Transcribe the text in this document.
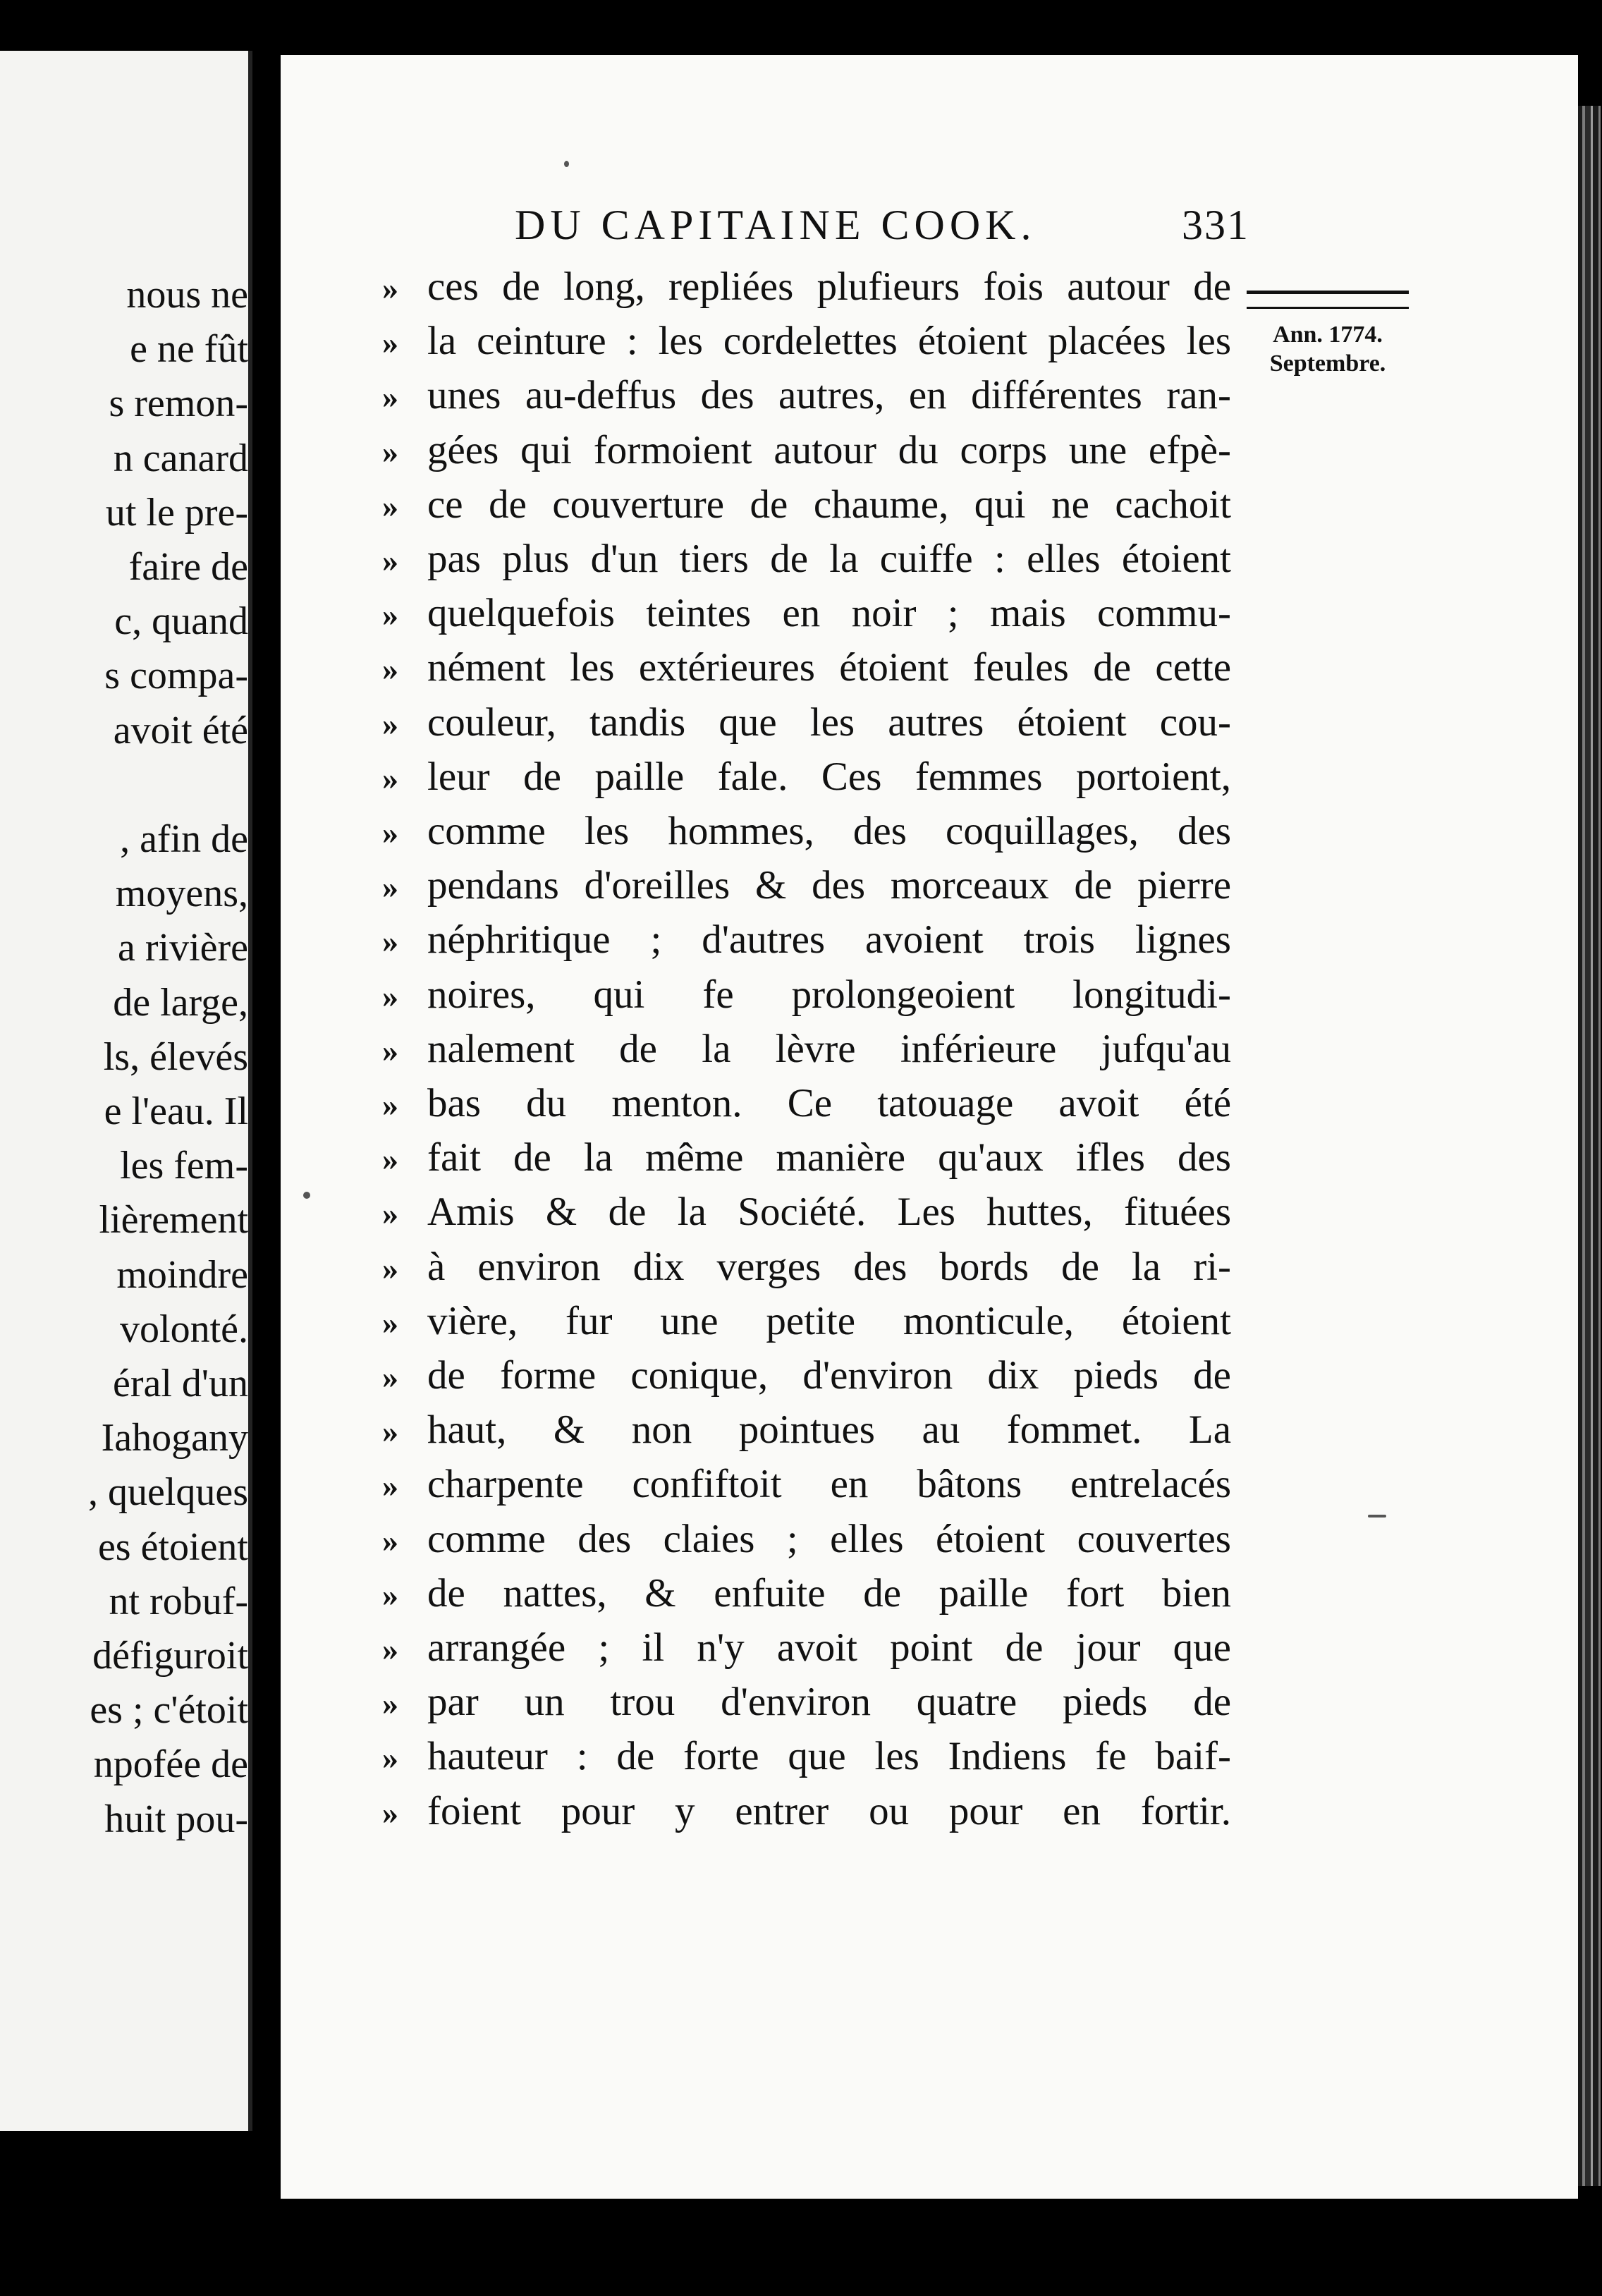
nous ne
e ne fût
s remon-
n canard
ut le pre-
faire de
c, quand
s compa-
avoit été
, afin de
moyens,
a rivière
de large,
ls, élevés
e l'eau. Il
les fem-
lièrement
moindre
volonté.
éral d'un
Iahogany
, quelques
es étoient
nt robuf-
défiguroit
es ; c'étoit
npofée de
huit pou-
DU CAPITAINE COOK.	331
Ann. 1774.
Septembre.
» ces de long, repliées plufieurs fois autour de
» la ceinture : les cordelettes étoient placées les
» unes au-deffus des autres, en différentes ran-
» gées qui formoient autour du corps une efpè-
» ce de couverture de chaume, qui ne cachoit
» pas plus d'un tiers de la cuiffe : elles étoient
» quelquefois teintes en noir ; mais commu-
» nément les extérieures étoient feules de cette
» couleur, tandis que les autres étoient cou-
» leur de paille fale. Ces femmes portoient,
» comme les hommes, des coquillages, des
» pendans d'oreilles & des morceaux de pierre
» néphritique ; d'autres avoient trois lignes
» noires, qui fe prolongeoient longitudi-
» nalement de la lèvre inférieure jufqu'au
» bas du menton. Ce tatouage avoit été
» fait de la même manière qu'aux ifles des
» Amis & de la Société. Les huttes, fituées
» à environ dix verges des bords de la ri-
» vière, fur une petite monticule, étoient
» de forme conique, d'environ dix pieds de
» haut, & non pointues au fommet. La
» charpente confiftoit en bâtons entrelacés
» comme des claies ; elles étoient couvertes
» de nattes, & enfuite de paille fort bien
» arrangée ; il n'y avoit point de jour que
» par un trou d'environ quatre pieds de
» hauteur : de forte que les Indiens fe baif-
» foient pour y entrer ou pour en fortir.
